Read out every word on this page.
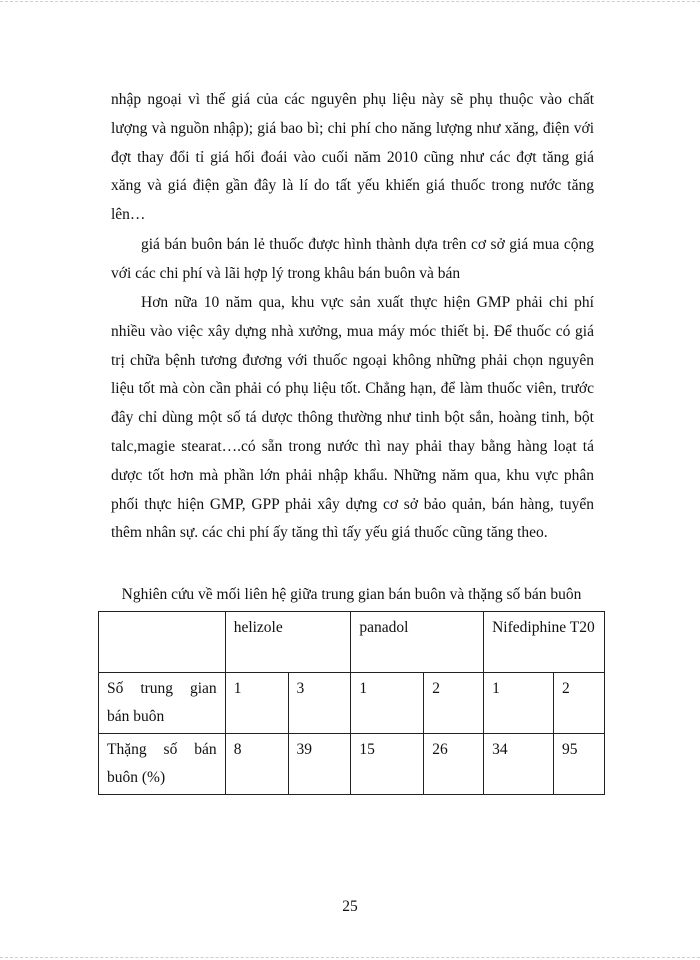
nhập ngoại vì thế giá của các nguyên phụ liệu này sẽ phụ thuộc vào chất lượng và nguồn nhập); giá bao bì; chi phí cho năng lượng như xăng, điện với đợt thay đổi tỉ giá hối đoái vào cuối năm 2010 cũng như các đợt tăng giá xăng và giá điện gần đây là lí do tất yếu khiến giá thuốc trong nước tăng lên…

giá bán buôn bán lẻ thuốc được hình thành dựa trên cơ sở giá mua cộng với các chi phí và lãi hợp lý trong khâu bán buôn và bán

Hơn nữa 10 năm qua, khu vực sản xuất thực hiện GMP phải chi phí nhiều vào việc xây dựng nhà xưởng, mua máy móc thiết bị. Để thuốc có giá trị chữa bệnh tương đương với thuốc ngoại không những phải chọn nguyên liệu tốt mà còn cần phải có phụ liệu tốt. Chẳng hạn, để làm thuốc viên, trước đây chỉ dùng một số tá dược thông thường như tinh bột sắn, hoàng tinh, bột talc,magie stearat….có sẵn trong nước thì nay phải thay bằng hàng loạt tá dược tốt hơn mà phần lớn phải nhập khẩu. Những năm qua, khu vực phân phối thực hiện GMP, GPP phải xây dựng cơ sở bảo quản, bán hàng, tuyển thêm nhân sự. các chi phí ấy tăng thì tấy yếu giá thuốc cũng tăng theo.

Nghiên cứu về mối liên hệ giữa trung gian bán buôn và thặng số bán buôn

	helizole		panadol		Nifediphine T20	

Số trung gian
bán buôn	1	3	1	2	1	2

Thặng số bán
buôn (%)	8	39	15	26	34	95

25
